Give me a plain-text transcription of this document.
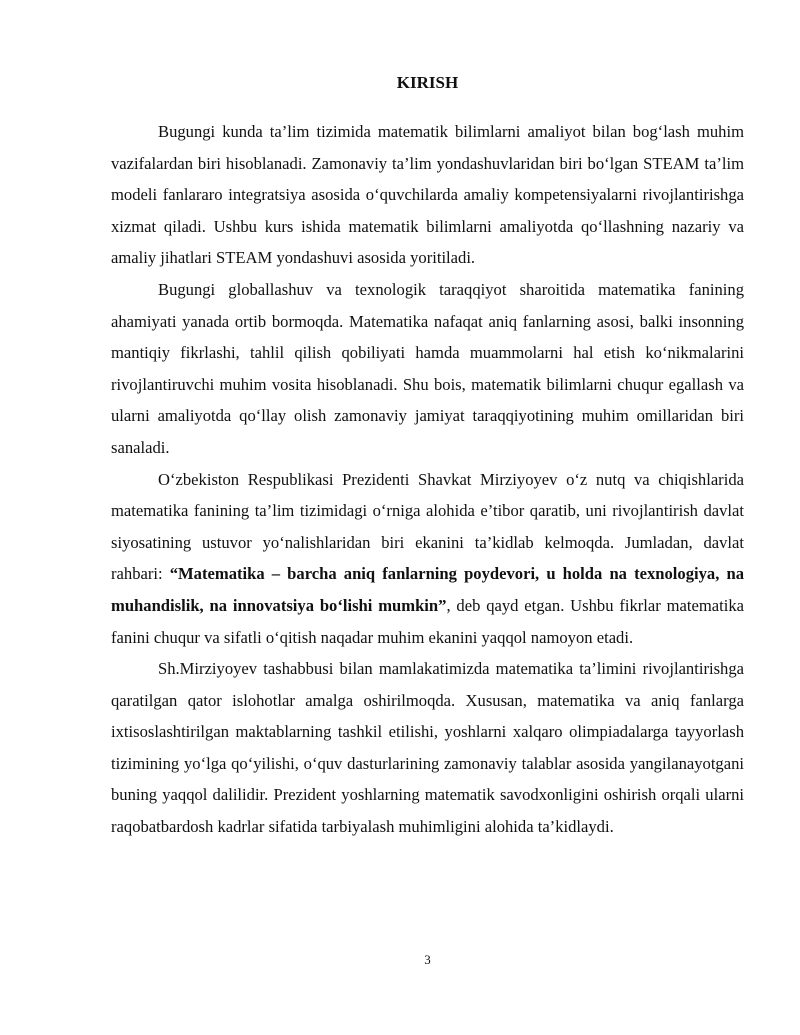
KIRISH

Bugungi kunda ta’lim tizimida matematik bilimlarni amaliyot bilan bog‘lash muhim vazifalardan biri hisoblanadi. Zamonaviy ta’lim yondashuvlaridan biri bo‘lgan STEAM ta’lim modeli fanlararo integratsiya asosida o‘quvchilarda amaliy kompetensiyalarni rivojlantirishga xizmat qiladi. Ushbu kurs ishida matematik bilimlarni amaliyotda qo‘llashning nazariy va amaliy jihatlari STEAM yondashuvi asosida yoritiladi.

Bugungi globallashuv va texnologik taraqqiyot sharoitida matematika fanining ahamiyati yanada ortib bormoqda. Matematika nafaqat aniq fanlarning asosi, balki insonning mantiqiy fikrlashi, tahlil qilish qobiliyati hamda muammolarni hal etish ko‘nikmalarini rivojlantiruvchi muhim vosita hisoblanadi. Shu bois, matematik bilimlarni chuqur egallash va ularni amaliyotda qo‘llay olish zamonaviy jamiyat taraqqiyotining muhim omillaridan biri sanaladi.

O‘zbekiston Respublikasi Prezidenti Shavkat Mirziyoyev o‘z nutq va chiqishlarida matematika fanining ta’lim tizimidagi o‘rniga alohida e’tibor qaratib, uni rivojlantirish davlat siyosatining ustuvor yo‘nalishlaridan biri ekanini ta’kidlab kelmoqda. Jumladan, davlat rahbari: “Matematika – barcha aniq fanlarning poydevori, u holda na texnologiya, na muhandislik, na innovatsiya bo‘lishi mumkin”, deb qayd etgan. Ushbu fikrlar matematika fanini chuqur va sifatli o‘qitish naqadar muhim ekanini yaqqol namoyon etadi.

Sh.Mirziyoyev tashabbusi bilan mamlakatimizda matematika ta’limini rivojlantirishga qaratilgan qator islohotlar amalga oshirilmoqda. Xususan, matematika va aniq fanlarga ixtisoslashtirilgan maktablarning tashkil etilishi, yoshlarni xalqaro olimpiadalarga tayyorlash tizimining yo‘lga qo‘yilishi, o‘quv dasturlarining zamonaviy talablar asosida yangilanayotgani buning yaqqol dalilidir. Prezident yoshlarning matematik savodxonligini oshirish orqali ularni raqobatbardosh kadrlar sifatida tarbiyalash muhimligini alohida ta’kidlaydi.

3
